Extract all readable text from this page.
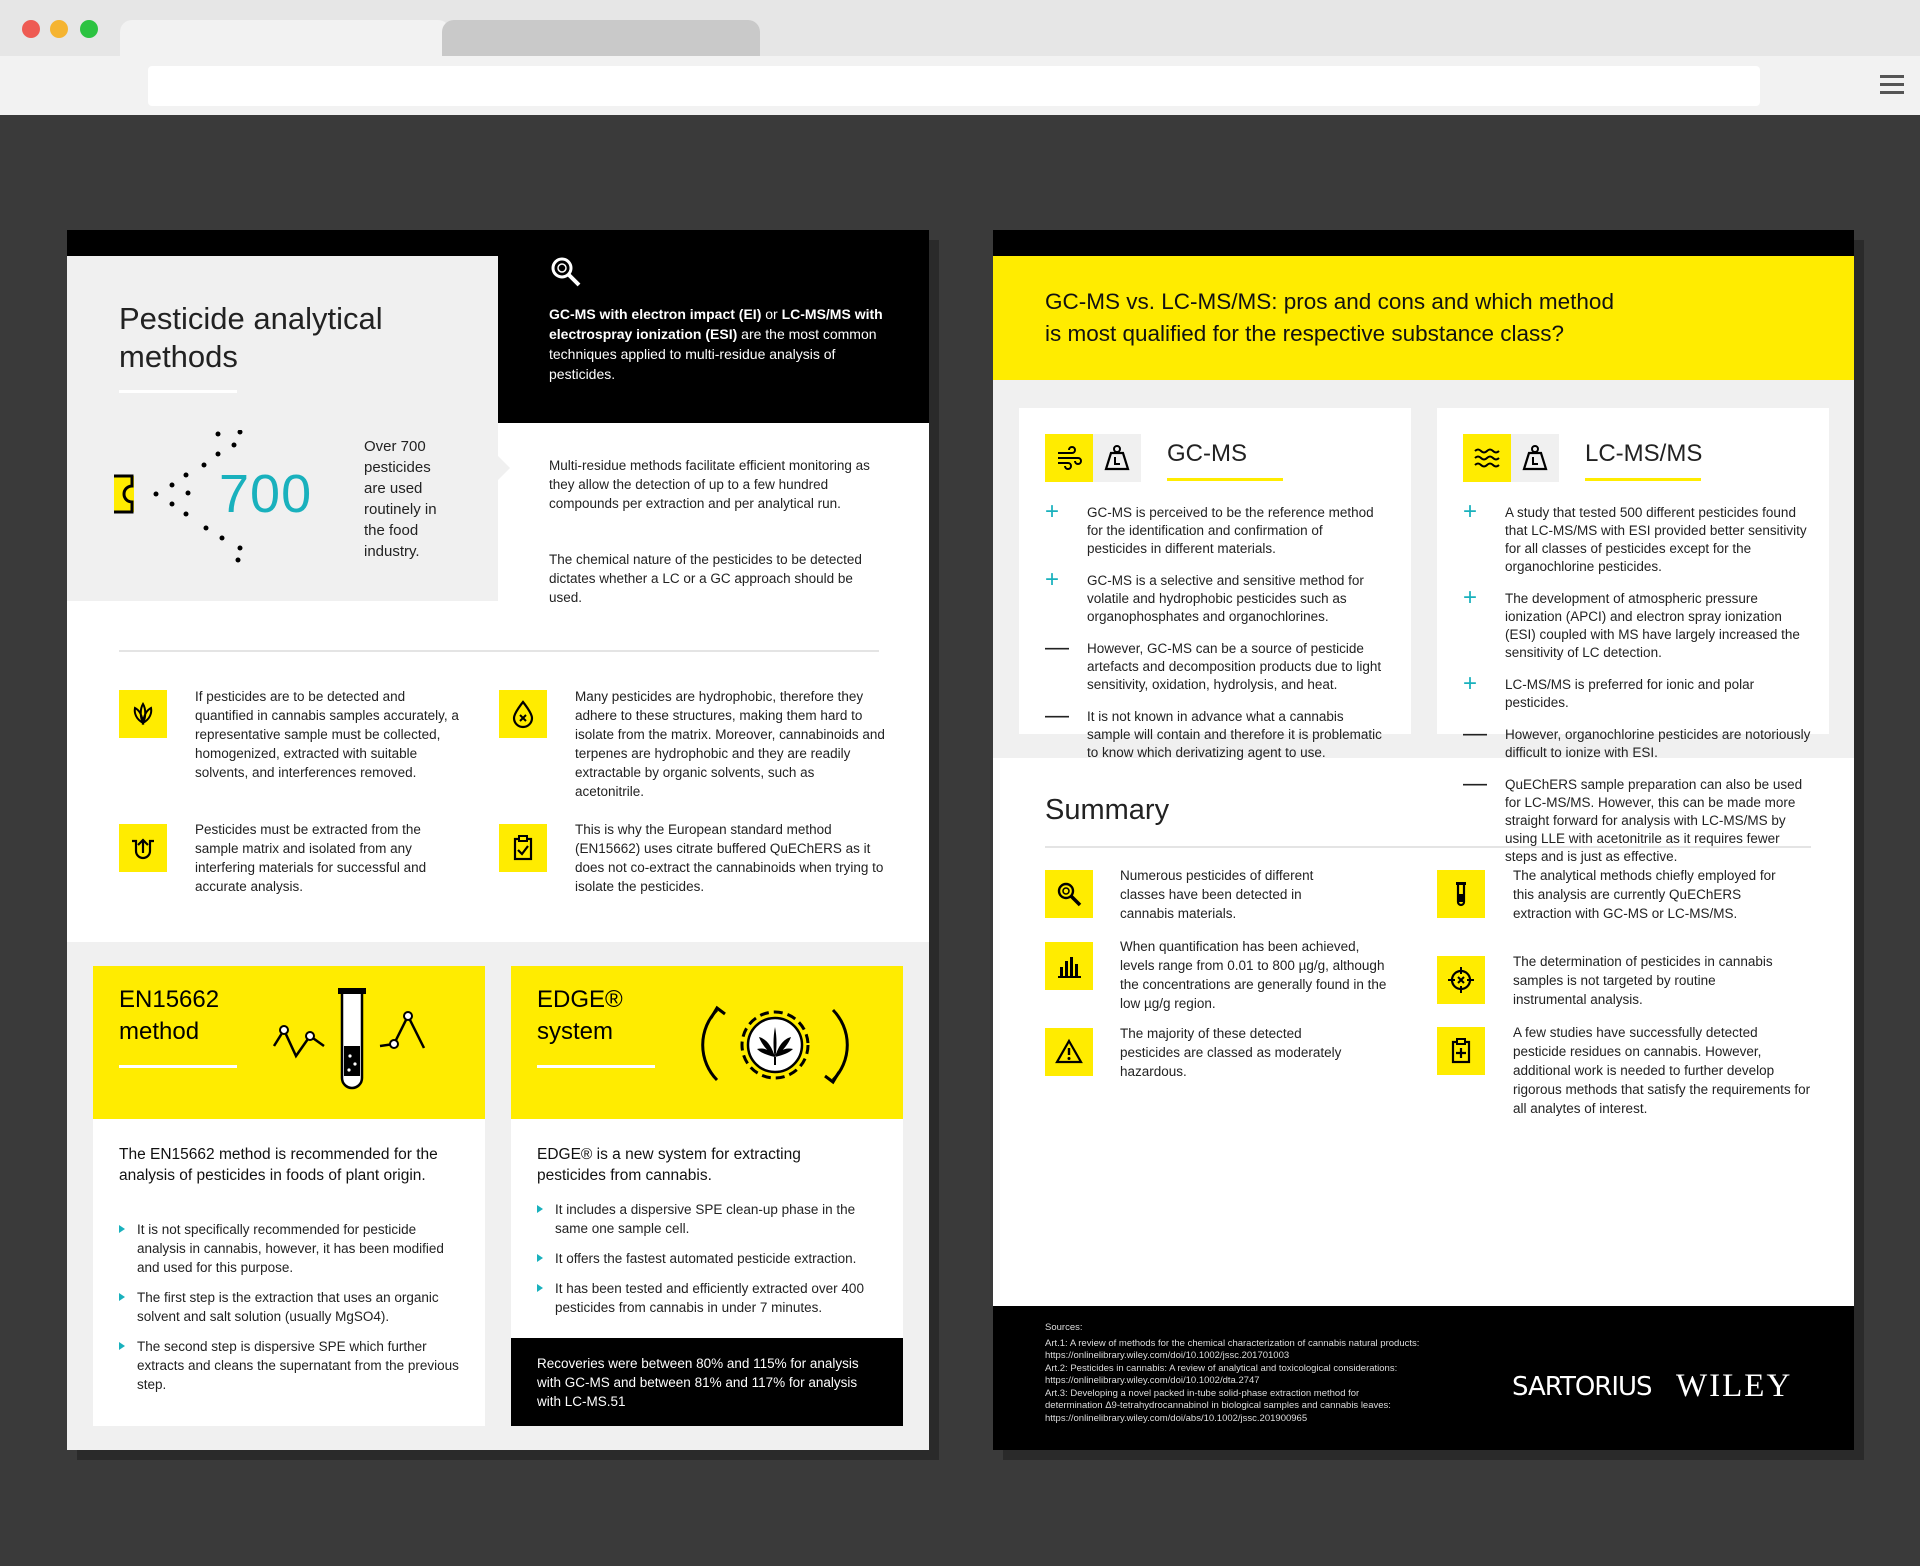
Pesticide analytical
methods
GC-MS with electron impact (EI) or LC-MS/MS with electrospray ionization (ESI) are the most common techniques applied to multi-residue analysis of pesticides.
700
Over 700 pesticides are used routinely in the food industry.
Multi-residue methods facilitate efficient monitoring as they allow the detection of up to a few hundred compounds per extraction and per analytical run.
The chemical nature of the pesticides to be detected dictates whether a LC or a GC approach should be used.
If pesticides are to be detected and quantified in cannabis samples accurately, a representative sample must be collected, homogenized, extracted with suitable solvents, and interferences removed.
Many pesticides are hydrophobic, therefore they adhere to these structures, making them hard to isolate from the matrix. Moreover, cannabinoids and terpenes are hydrophobic and they are readily extractable by organic solvents, such as acetonitrile.
Pesticides must be extracted from the sample matrix and isolated from any interfering materials for successful and accurate analysis.
This is why the European standard method (EN15662) uses citrate buffered QuEChERS as it does not co-extract the cannabinoids when trying to isolate the pesticides.
EN15662
method
The EN15662 method is recommended for the analysis of pesticides in foods of plant origin.
It is not specifically recommended for pesticide analysis in cannabis, however, it has been modified and used for this purpose.
The first step is the extraction that uses an organic solvent and salt solution (usually MgSO4).
The second step is dispersive SPE which further extracts and cleans the supernatant from the previous step.
EDGE®
system
EDGE® is a new system for extracting pesticides from cannabis.
It includes a dispersive SPE clean-up phase in the same one sample cell.
It offers the fastest automated pesticide extraction.
It has been tested and efficiently extracted over 400 pesticides from cannabis in under 7 minutes.
Recoveries were between 80% and 115% for analysis with GC-MS and between 81% and 117% for analysis with LC-MS.51
GC-MS vs. LC-MS/MS: pros and cons and which method
is most qualified for the respective substance class?
GC-MS
+	GC-MS is perceived to be the reference method for the identification and confirmation of pesticides in different materials.
+	GC-MS is a selective and sensitive method for volatile and hydrophobic pesticides such as organophosphates and organochlorines.
— However, GC-MS can be a source of pesticide artefacts and decomposition products due to light sensitivity, oxidation, hydrolysis, and heat.
— It is not known in advance what a cannabis sample will contain and therefore it is problematic to know which derivatizing agent to use.
LC-MS/MS
+	A study that tested 500 different pesticides found that LC-MS/MS with ESI provided better sensitivity for all classes of pesticides except for the organochlorine pesticides.
+	The development of atmospheric pressure ionization (APCI) and electron spray ionization (ESI) coupled with MS have largely increased the sensitivity of LC detection.
+	LC-MS/MS is preferred for ionic and polar pesticides.
— However, organochlorine pesticides are notoriously difficult to ionize with ESI.
— QuEChERS sample preparation can also be used for LC-MS/MS. However, this can be made more straight forward for analysis with LC-MS/MS by using LLE with acetonitrile as it requires fewer steps and is just as effective.
Summary
Numerous pesticides of different classes have been detected in cannabis materials.
When quantification has been achieved, levels range from 0.01 to 800 µg/g, although the concentrations are generally found in the low µg/g region.
The majority of these detected pesticides are classed as moderately hazardous.
The analytical methods chiefly employed for this analysis are currently QuEChERS extraction with GC-MS or LC-MS/MS.
The determination of pesticides in cannabis samples is not targeted by routine instrumental analysis.
A few studies have successfully detected pesticide residues on cannabis. However, additional work is needed to further develop rigorous methods that satisfy the requirements for all analytes of interest.
Sources:
Art.1: A review of methods for the chemical characterization of cannabis natural products:
https://onlinelibrary.wiley.com/doi/10.1002/jssc.201701003
Art.2: Pesticides in cannabis: A review of analytical and toxicological considerations:
https://onlinelibrary.wiley.com/doi/10.1002/dta.2747
Art.3: Developing a novel packed in-tube solid-phase extraction method for
determination Δ9-tetrahydrocannabinol in biological samples and cannabis leaves:
https://onlinelibrary.wiley.com/doi/abs/10.1002/jssc.201900965
SARTORIUS WILEY
